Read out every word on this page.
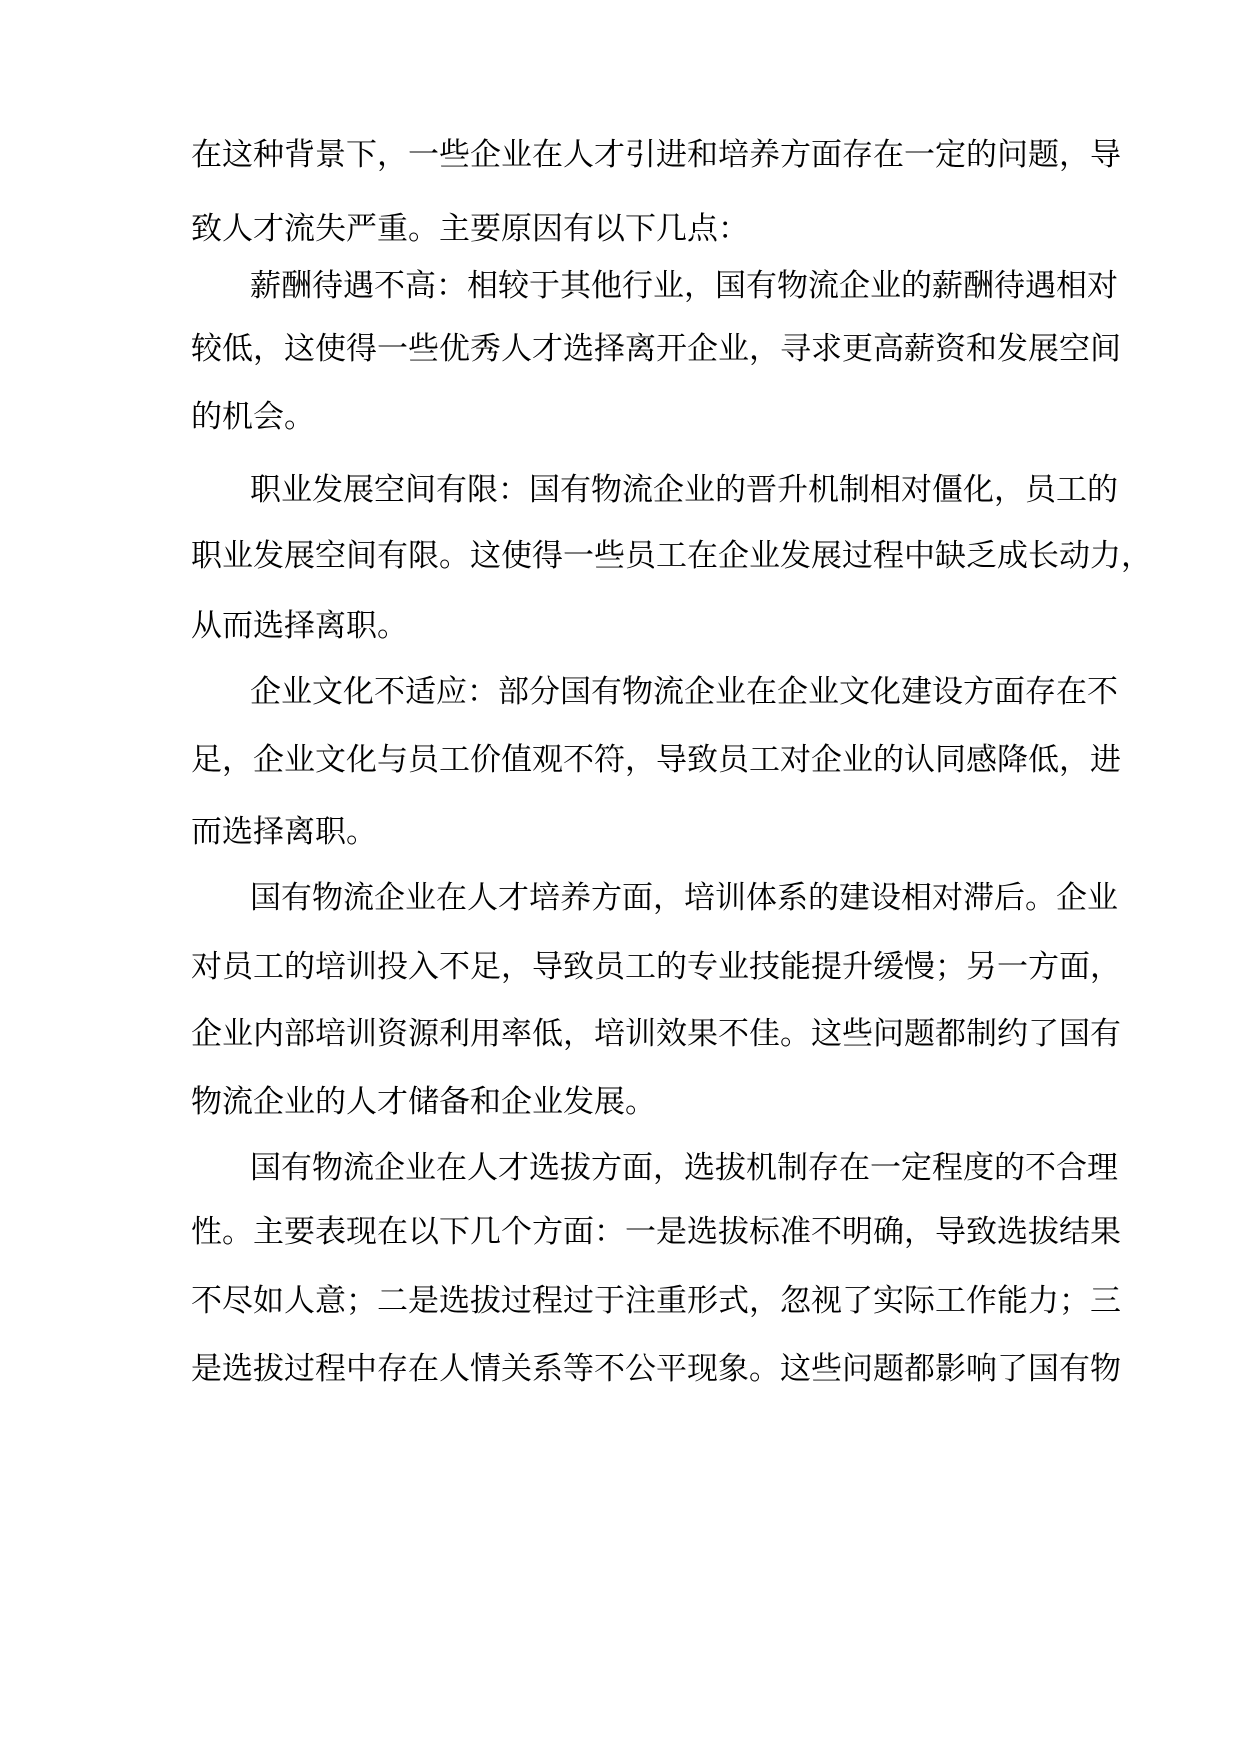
在这种背景下，一些企业在人才引进和培养方面存在一定的问题，导
致人才流失严重。主要原因有以下几点：
薪酬待遇不高：相较于其他行业，国有物流企业的薪酬待遇相对
较低，这使得一些优秀人才选择离开企业，寻求更高薪资和发展空间
的机会。
职业发展空间有限：国有物流企业的晋升机制相对僵化，员工的
职业发展空间有限。这使得一些员工在企业发展过程中缺乏成长动力，
从而选择离职。
企业文化不适应：部分国有物流企业在企业文化建设方面存在不
足，企业文化与员工价值观不符，导致员工对企业的认同感降低，进
而选择离职。
国有物流企业在人才培养方面，培训体系的建设相对滞后。企业
对员工的培训投入不足，导致员工的专业技能提升缓慢；另一方面，
企业内部培训资源利用率低，培训效果不佳。这些问题都制约了国有
物流企业的人才储备和企业发展。
国有物流企业在人才选拔方面，选拔机制存在一定程度的不合理
性。主要表现在以下几个方面：一是选拔标准不明确，导致选拔结果
不尽如人意；二是选拔过程过于注重形式，忽视了实际工作能力；三
是选拔过程中存在人情关系等不公平现象。这些问题都影响了国有物
